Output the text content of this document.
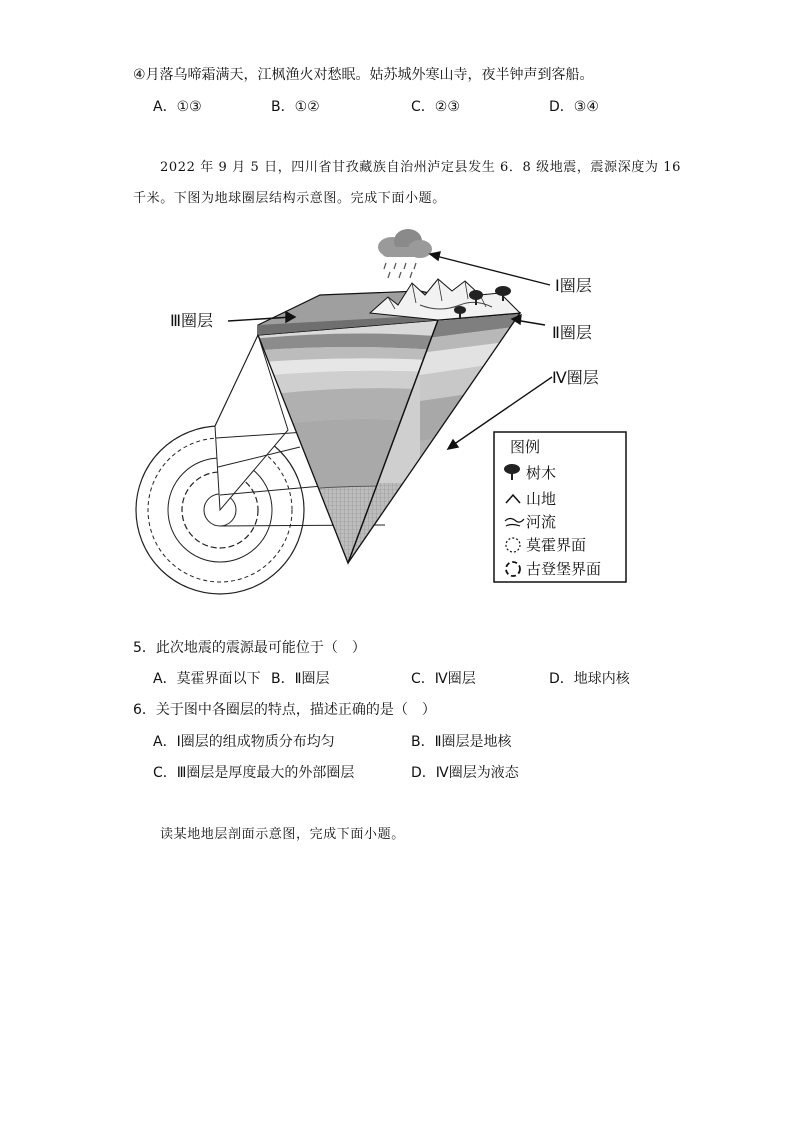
④月落乌啼霜满天，江枫渔火对愁眠。姑苏城外寒山寺，夜半钟声到客船。
A．①③	B．①②	C．②③	D．③④
2022 年 9 月 5 日，四川省甘孜藏族自治州泸定县发生 6．8 级地震，震源深度为 16
千米。下图为地球圈层结构示意图。完成下面小题。
Ⅰ圈层
Ⅱ圈层
Ⅲ圈层
Ⅳ圈层
图例
树木
山地
河流
莫霍界面
古登堡界面
5．此次地震的震源最可能位于（　）
A．莫霍界面以下 B．Ⅱ圈层	C．Ⅳ圈层	D．地球内核
6．关于图中各圈层的特点，描述正确的是（　）
A．Ⅰ圈层的组成物质分布均匀	B．Ⅱ圈层是地核
C．Ⅲ圈层是厚度最大的外部圈层	D．Ⅳ圈层为液态
读某地地层剖面示意图，完成下面小题。
